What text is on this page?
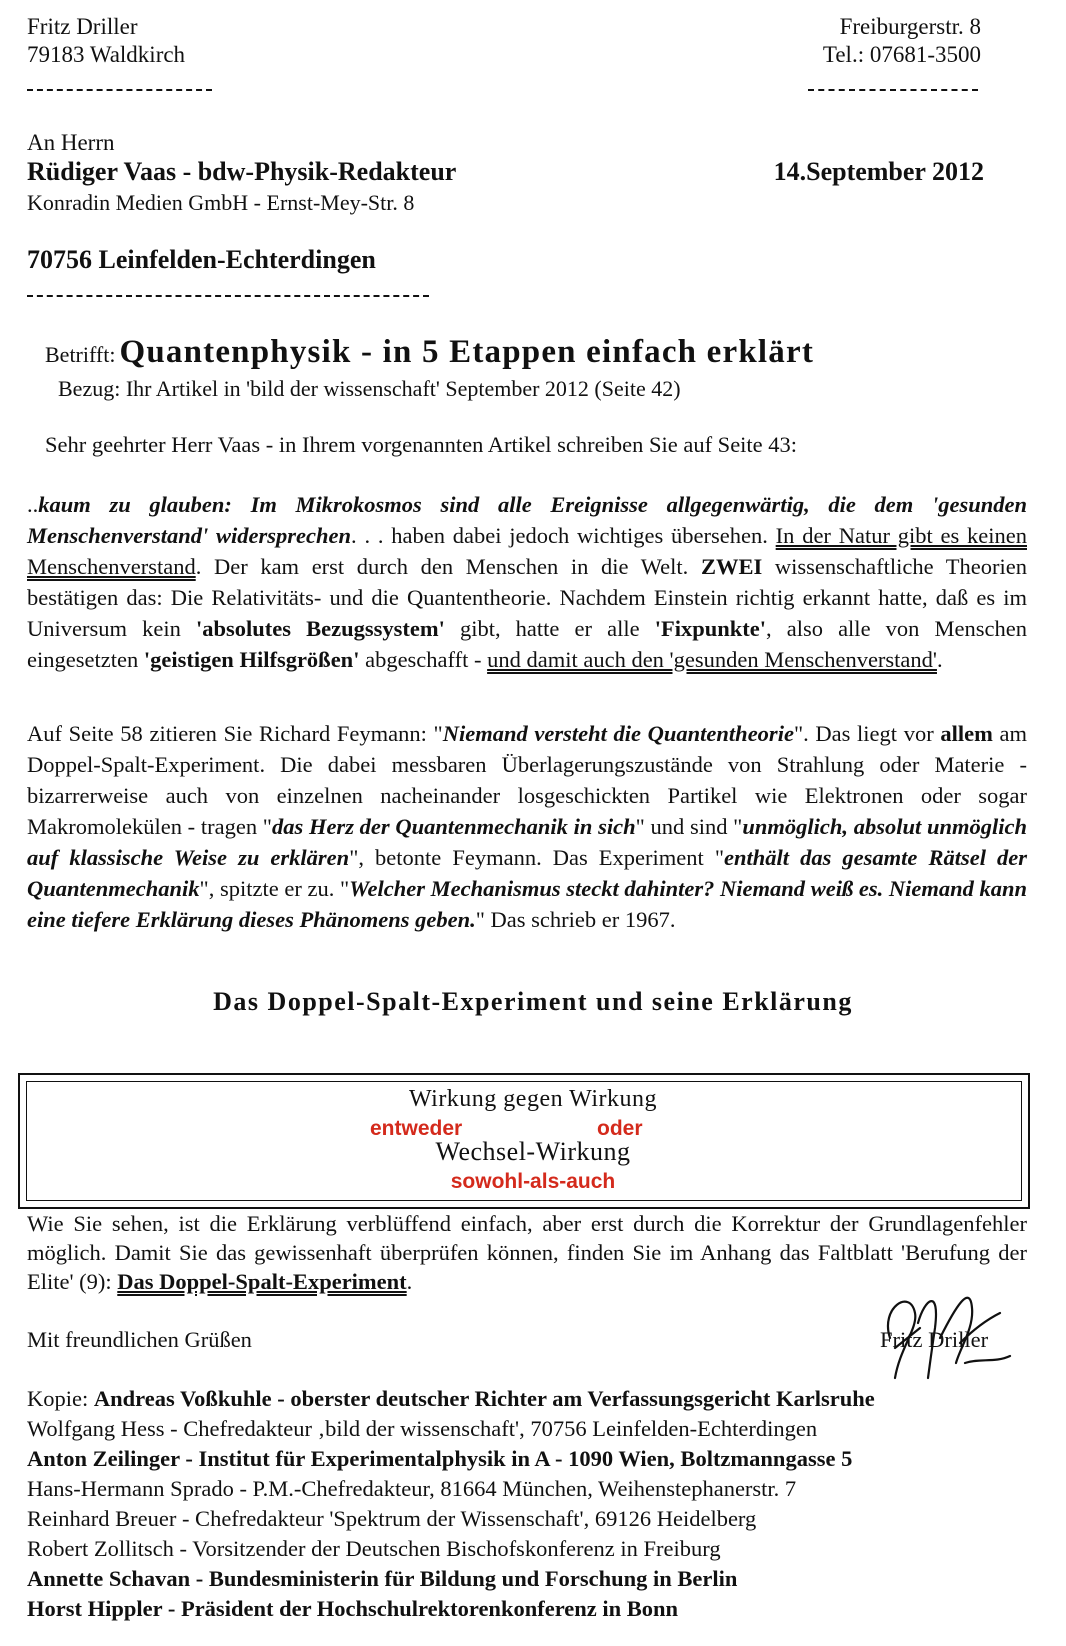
Fritz Driller
79183 Waldkirch
Freiburgerstr. 8
Tel.: 07681-3500
An Herrn
Rüdiger Vaas - bdw-Physik-Redakteur	14.September 2012
Konradin Medien GmbH - Ernst-Mey-Str. 8
70756 Leinfelden-Echterdingen
Betrifft: Quantenphysik - in 5 Etappen einfach erklärt
Bezug: Ihr Artikel in 'bild der wissenschaft' September 2012 (Seite 42)
Sehr geehrter Herr Vaas - in Ihrem vorgenannten Artikel schreiben Sie auf Seite 43:
..kaum zu glauben: Im Mikrokosmos sind alle Ereignisse allgegenwärtig, die dem 'gesunden Menschenverstand' widersprechen. . . haben dabei jedoch wichtiges übersehen. In der Natur gibt es keinen Menschenverstand. Der kam erst durch den Menschen in die Welt. ZWEI wissenschaftliche Theorien bestätigen das: Die Relativitäts- und die Quantentheorie. Nachdem Einstein richtig erkannt hatte, daß es im Universum kein 'absolutes Bezugssystem' gibt, hatte er alle 'Fixpunkte', also alle von Menschen eingesetzten 'geistigen Hilfsgrößen' abgeschafft - und damit auch den 'gesunden Menschenverstand'.
Auf Seite 58 zitieren Sie Richard Feymann: "Niemand versteht die Quantentheorie". Das liegt vor allem am Doppel-Spalt-Experiment. Die dabei messbaren Überlagerungszustände von Strahlung oder Materie - bizarrerweise auch von einzelnen nacheinander losgeschickten Partikel wie Elektronen oder sogar Makromolekülen - tragen "das Herz der Quantenmechanik in sich" und sind "unmöglich, absolut unmöglich auf klassische Weise zu erklären", betonte Feymann. Das Experiment "enthält das gesamte Rätsel der Quantenmechanik", spitzte er zu. "Welcher Mechanismus steckt dahinter? Niemand weiß es. Niemand kann eine tiefere Erklärung dieses Phänomens geben." Das schrieb er 1967.
Das Doppel-Spalt-Experiment und seine Erklärung
Wirkung gegen Wirkung
entweder	oder
Wechsel-Wirkung
sowohl-als-auch
Wie Sie sehen, ist die Erklärung verblüffend einfach, aber erst durch die Korrektur der Grundlagenfehler möglich. Damit Sie das gewissenhaft überprüfen können, finden Sie im Anhang das Faltblatt 'Berufung der Elite' (9): Das Doppel-Spalt-Experiment.
Mit freundlichen Grüßen	Fritz Driller
Kopie: Andreas Voßkuhle - oberster deutscher Richter am Verfassungsgericht Karlsruhe
Wolfgang Hess - Chefredakteur ‚bild der wissenschaft', 70756 Leinfelden-Echterdingen
Anton Zeilinger - Institut für Experimentalphysik in A - 1090 Wien, Boltzmanngasse 5
Hans-Hermann Sprado - P.M.-Chefredakteur, 81664 München, Weihenstephanerstr. 7
Reinhard Breuer - Chefredakteur 'Spektrum der Wissenschaft', 69126 Heidelberg
Robert Zollitsch - Vorsitzender der Deutschen Bischofskonferenz in Freiburg
Annette Schavan - Bundesministerin für Bildung und Forschung in Berlin
Horst Hippler - Präsident der Hochschulrektorenkonferenz in Bonn
